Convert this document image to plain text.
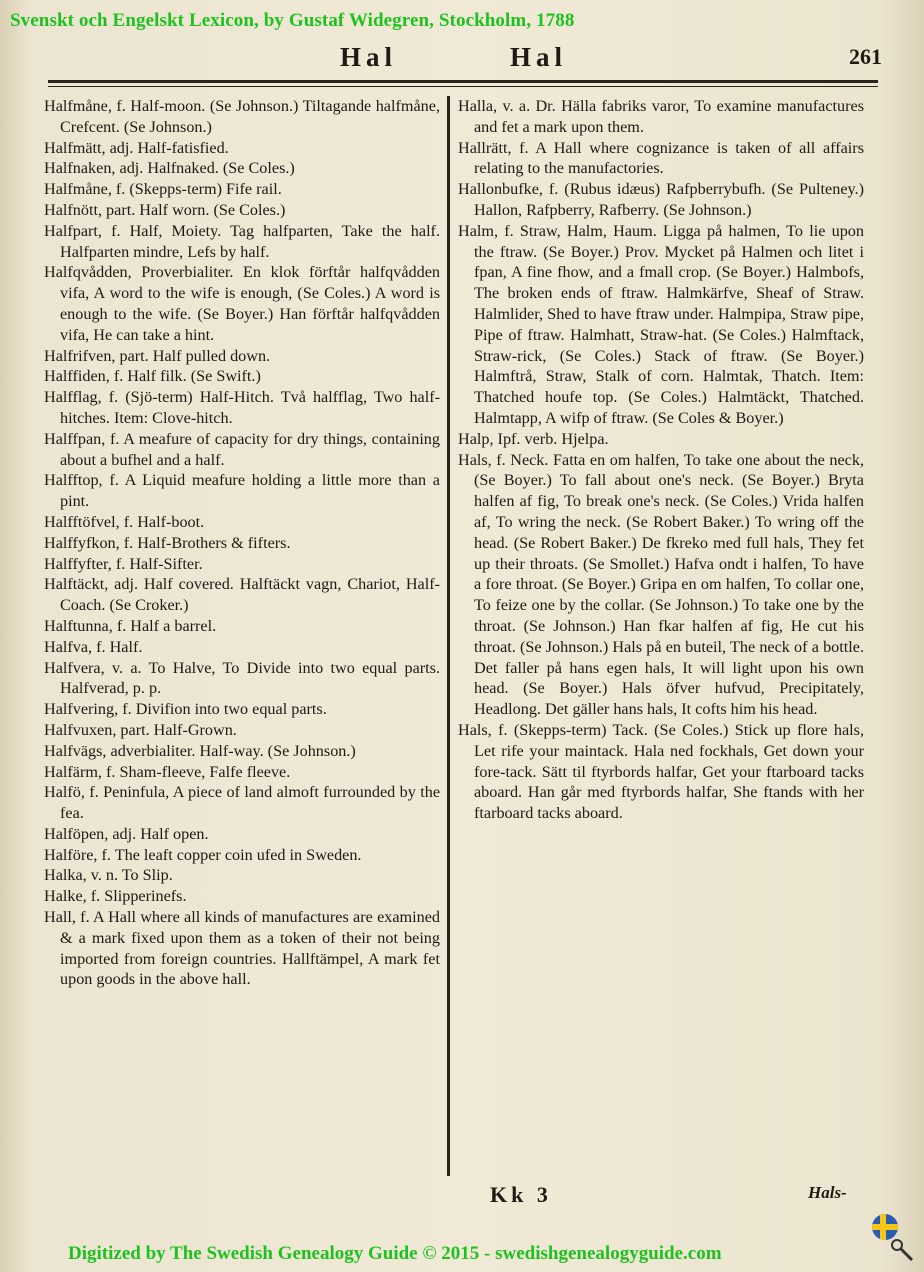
Svenskt och Engelskt Lexicon, by Gustaf Widegren, Stockholm, 1788
Hal	Hal	261

Halfmåne, f. Half-moon. (Se Johnson.) Tiltagande halfmåne, Crefcent. (Se Johnson.)

Halfmätt, adj. Half-fatisfied.

Halfnaken, adj. Halfnaked. (Se Coles.)

Halfmåne, f. (Skepps-term) Fife rail.

Halfnött, part. Half worn. (Se Coles.)

Halfpart, f. Half, Moiety. Tag halfparten, Take the half. Halfparten mindre, Lefs by half.

Halfqvådden, Proverbialiter. En klok förftår halfqvådden vifa, A word to the wife is enough, (Se Coles.) A word is enough to the wife. (Se Boyer.) Han förftår halfqvådden vifa, He can take a hint.

Halfrifven, part. Half pulled down.

Halffiden, f. Half filk. (Se Swift.)

Halfflag, f. (Sjö-term) Half-Hitch. Två halfflag, Two half-hitches. Item: Clove-hitch.

Halffpan, f. A meafure of capacity for dry things, containing about a bufhel and a half.

Halfftop, f. A Liquid meafure holding a little more than a pint.

Halfftöfvel, f. Half-boot.

Halffyfkon, f. Half-Brothers & fifters.

Halffyfter, f. Half-Sifter.

Halftäckt, adj. Half covered. Halftäckt vagn, Chariot, Half-Coach. (Se Croker.)

Halftunna, f. Half a barrel.

Halfva, f. Half.

Halfvera, v. a. To Halve, To Divide into two equal parts. Halfverad, p. p.

Halfvering, f. Divifion into two equal parts.

Halfvuxen, part. Half-Grown.

Halfvägs, adverbialiter. Half-way. (Se Johnson.)

Halfärm, f. Sham-fleeve, Falfe fleeve.

Halfö, f. Peninfula, A piece of land almoft furrounded by the fea.

Halföpen, adj. Half open.

Halföre, f. The leaft copper coin ufed in Sweden.

Halka, v. n. To Slip.

Halke, f. Slipperinefs.

Hall, f. A Hall where all kinds of manufactures are examined & a mark fixed upon them as a token of their not being imported from foreign countries. Hallftämpel, A mark fet upon goods in the above hall.

Halla, v. a. Dr. Hälla fabriks varor, To examine manufactures and fet a mark upon them.

Hallrätt, f. A Hall where cognizance is taken of all affairs relating to the manufactories.

Hallonbufke, f. (Rubus idæus) Rafpberrybufh. (Se Pulteney.) Hallon, Rafpberry, Rafberry. (Se Johnson.)

Halm, f. Straw, Halm, Haum. Ligga på halmen, To lie upon the ftraw. (Se Boyer.) Prov. Mycket på Halmen och litet i fpan, A fine fhow, and a fmall crop. (Se Boyer.) Halmbofs, The broken ends of ftraw. Halmkärfve, Sheaf of Straw. Halmlider, Shed to have ftraw under. Halmpipa, Straw pipe, Pipe of ftraw. Halmhatt, Straw-hat. (Se Coles.) Halmftack, Straw-rick, (Se Coles.) Stack of ftraw. (Se Boyer.) Halmftrå, Straw, Stalk of corn. Halmtak, Thatch. Item: Thatched houfe top. (Se Coles.) Halmtäckt, Thatched. Halmtapp, A wifp of ftraw. (Se Coles & Boyer.)

Halp, Ipf. verb. Hjelpa.

Hals, f. Neck. Fatta en om halfen, To take one about the neck, (Se Boyer.) To fall about one's neck. (Se Boyer.) Bryta halfen af fig, To break one's neck. (Se Coles.) Vrida halfen af, To wring the neck. (Se Robert Baker.) To wring off the head. (Se Robert Baker.) De fkreko med full hals, They fet up their throats. (Se Smollet.) Hafva ondt i halfen, To have a fore throat. (Se Boyer.) Gripa en om halfen, To collar one, To feize one by the collar. (Se Johnson.) To take one by the throat. (Se Johnson.) Han fkar halfen af fig, He cut his throat. (Se Johnson.) Hals på en buteil, The neck of a bottle. Det faller på hans egen hals, It will light upon his own head. (Se Boyer.) Hals öfver hufvud, Precipitately, Headlong. Det gäller hans hals, It cofts him his head.

Hals, f. (Skepps-term) Tack. (Se Coles.) Stick up flore hals, Let rife your maintack. Hala ned fockhals, Get down your fore-tack. Sätt til ftyrbords halfar, Get your ftarboard tacks aboard. Han går med ftyrbords halfar, She ftands with her ftarboard tacks aboard.

Kk 3	Hals-
Digitized by The Swedish Genealogy Guide © 2015 - swedishgenealogyguide.com
